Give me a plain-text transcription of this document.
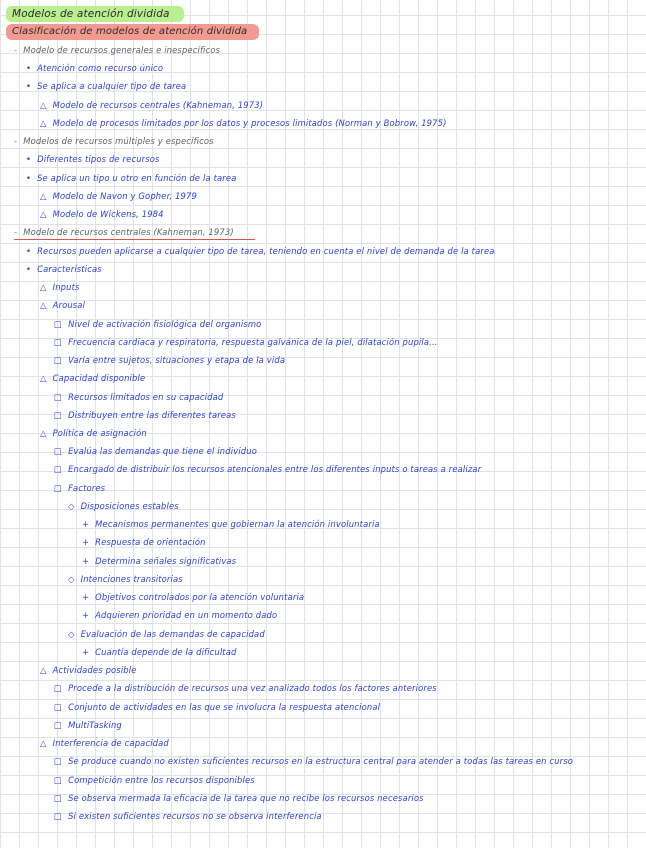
Modelos de atención dividida
Clasificación de modelos de atención dividida
- Modelo de recursos generales e inespecíficos
• Atención como recurso único
• Se aplica a cualquier tipo de tarea
△ Modelo de recursos centrales (Kahneman, 1973)
△ Modelo de procesos limitados por los datos y procesos limitados (Norman y Bobrow, 1975)
- Modelos de recursos múltiples y específicos
• Diferentes tipos de recursos
• Se aplica un tipo u otro en función de la tarea
△ Modelo de Navon y Gopher, 1979
△ Modelo de Wickens, 1984
- Modelo de recursos centrales (Kahneman, 1973)
• Recursos pueden aplicarse a cualquier tipo de tarea, teniendo en cuenta el nivel de demanda de la tarea
• Características
△ Inputs
△ Arousal
□ Nivel de activación fisiológica del organismo
□ Frecuencia cardiaca y respiratoria, respuesta galvánica de la piel, dilatación pupila...
□ Varía entre sujetos, situaciones y etapa de la vida
△ Capacidad disponible
□ Recursos limitados en su capacidad
□ Distribuyen entre las diferentes tareas
△ Política de asignación
□ Evalúa las demandas que tiene el individuo
□ Encargado de distribuir los recursos atencionales entre los diferentes inputs o tareas a realizar
□ Factores
◇ Disposiciones estables
+ Mecanismos permanentes que gobiernan la atención involuntaria
+ Respuesta de orientación
+ Determina señales significativas
◇ Intenciones transitorias
+ Objetivos controlados por la atención voluntaria
+ Adquieren prioridad en un momento dado
◇ Evaluación de las demandas de capacidad
+ Cuantía depende de la dificultad
△ Actividades posible
□ Procede a la distribución de recursos una vez analizado todos los factores anteriores
□ Conjunto de actividades en las que se involucra la respuesta atencional
□ MultiTasking
△ Interferencia de capacidad
□ Se produce cuando no existen suficientes recursos en la estructura central para atender a todas las tareas en curso
□ Competición entre los recursos disponibles
□ Se observa mermada la eficacia de la tarea que no recibe los recursos necesarios
□ Si existen suficientes recursos no se observa interferencia
